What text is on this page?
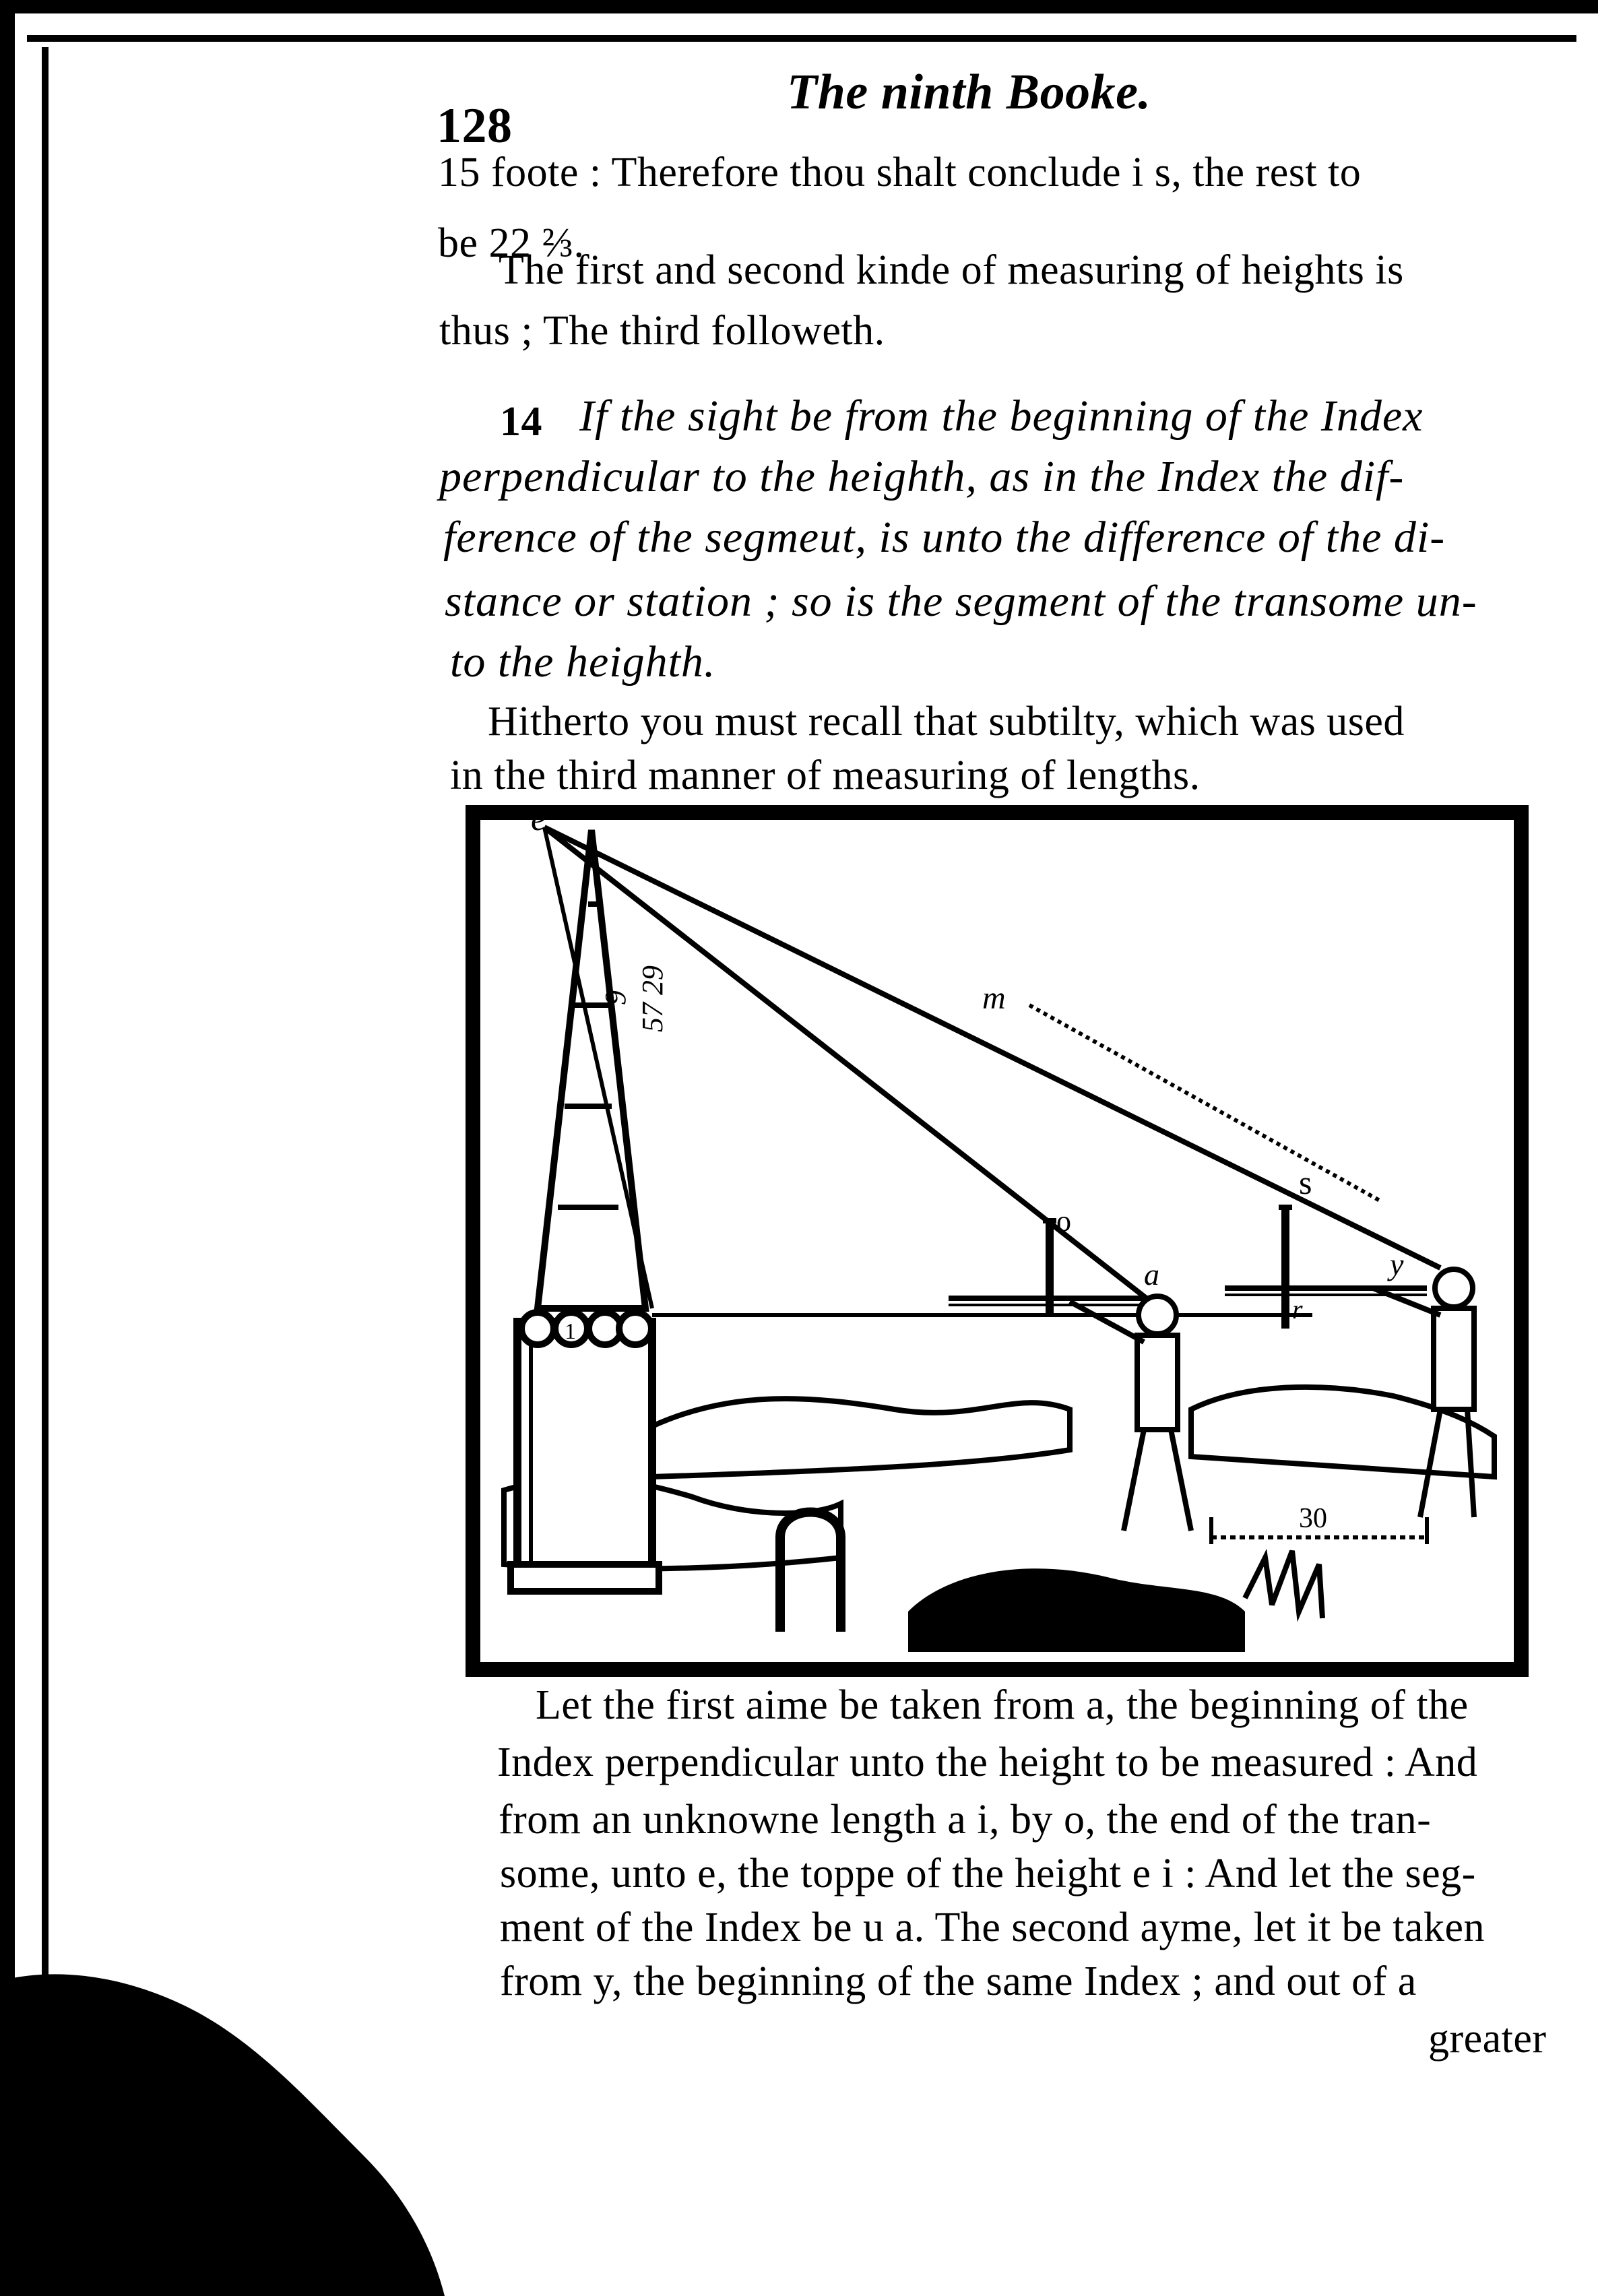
128
The ninth Booke.
15 foote : Therefore thou shalt conclude i s, the rest to
be 22 ⅔.
The first and second kinde of measuring of heights is
thus ; The third followeth.
14 If the sight be from the beginning of the Index
perpendicular to the heighth, as in the Index the dif-
ference of the segmeut, is unto the difference of the di-
stance or station ; so is the segment of the transome un-
to the heighth.
Hitherto you must recall that subtilty, which was used
in the third manner of measuring of lengths.
e
m
o
s
a	y
r
1
30
9 57 29
Let the first aime be taken from a, the beginning of the
Index perpendicular unto the height to be measured : And
from an unknowne length a i, by o, the end of the tran-
some, unto e, the toppe of the height e i : And let the seg-
ment of the Index be u a. The second ayme, let it be taken
from y, the beginning of the same Index ; and out of a
greater
